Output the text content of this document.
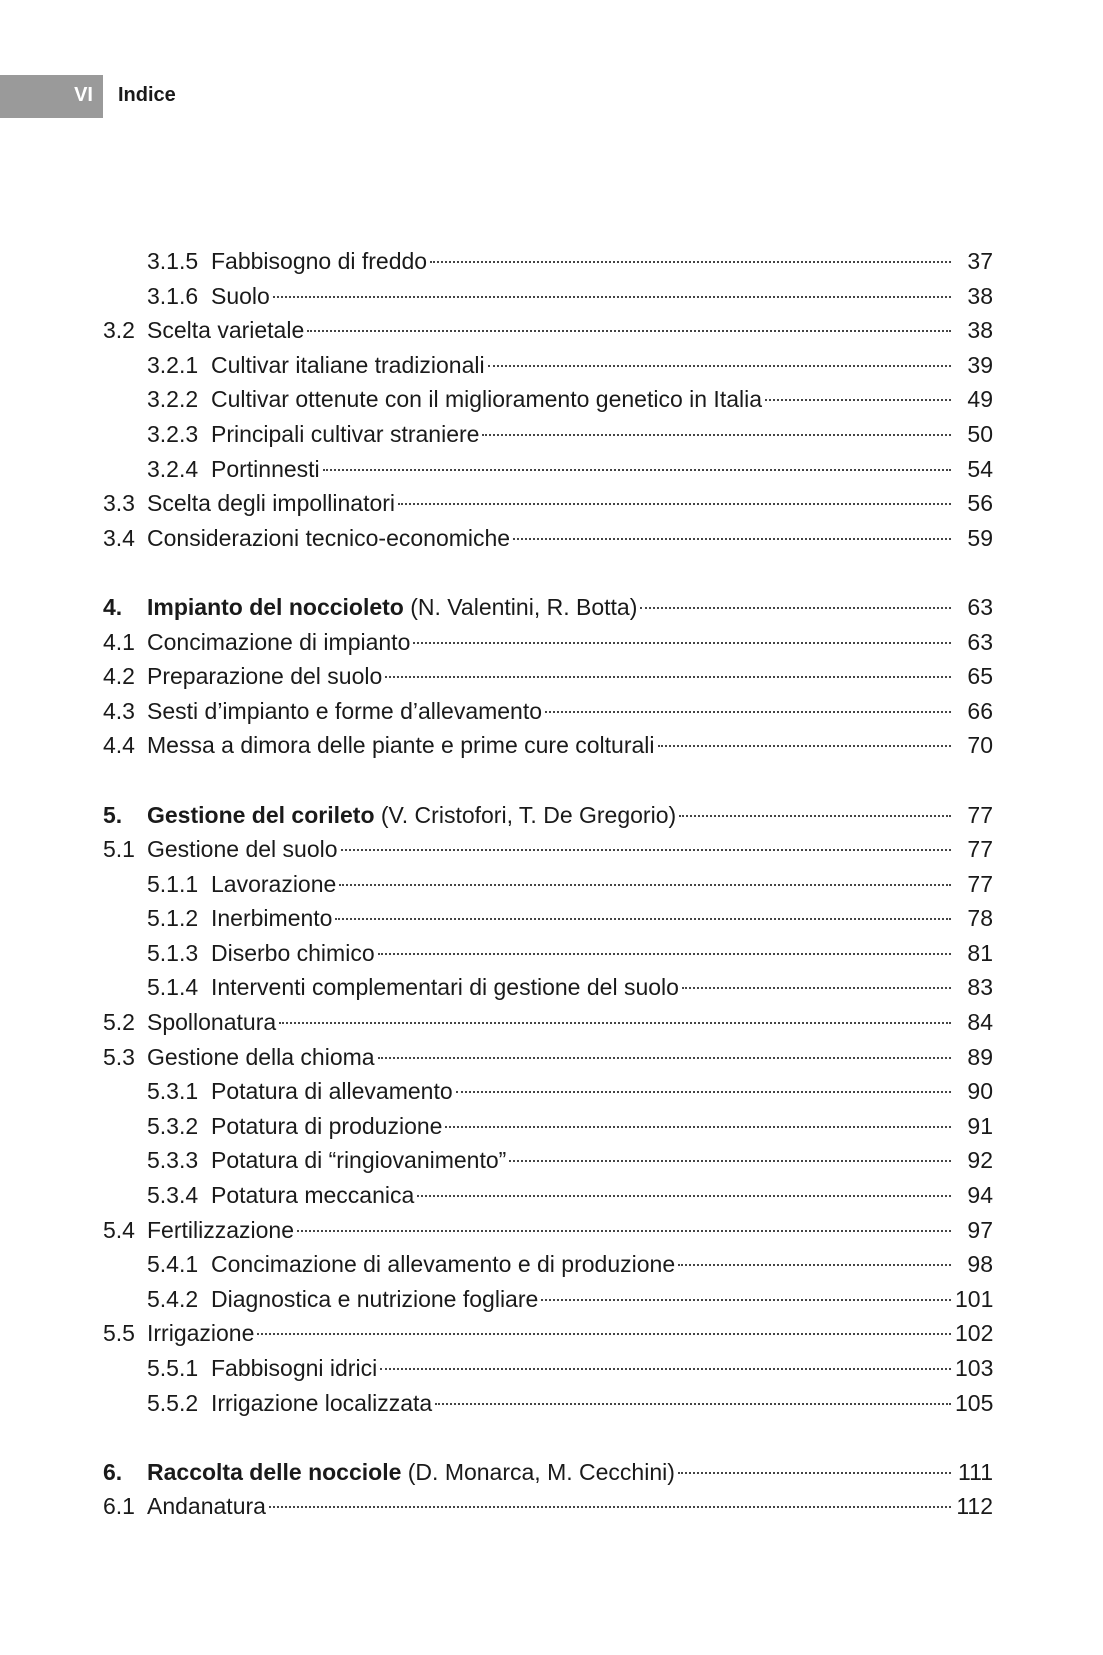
VI Indice
3.1.5 Fabbisogno di freddo	37
3.1.6 Suolo	38
3.2 Scelta varietale	38
3.2.1 Cultivar italiane tradizionali	39
3.2.2 Cultivar ottenute con il miglioramento genetico in Italia	49
3.2.3 Principali cultivar straniere	50
3.2.4 Portinnesti	54
3.3 Scelta degli impollinatori	56
3.4 Considerazioni tecnico-economiche	59
4.	Impianto del noccioleto (N. Valentini, R. Botta)	63
4.1 Concimazione di impianto	63
4.2 Preparazione del suolo	65
4.3 Sesti d’impianto e forme d’allevamento	66
4.4 Messa a dimora delle piante e prime cure colturali	70
5.	Gestione del corileto (V. Cristofori, T. De Gregorio)	77
5.1 Gestione del suolo	77
5.1.1 Lavorazione	77
5.1.2 Inerbimento	78
5.1.3 Diserbo chimico	81
5.1.4 Interventi complementari di gestione del suolo	83
5.2 Spollonatura	84
5.3 Gestione della chioma	89
5.3.1 Potatura di allevamento	90
5.3.2 Potatura di produzione	91
5.3.3 Potatura di “ringiovanimento”	92
5.3.4 Potatura meccanica	94
5.4 Fertilizzazione	97
5.4.1 Concimazione di allevamento e di produzione	98
5.4.2 Diagnostica e nutrizione fogliare	101
5.5 Irrigazione	102
5.5.1 Fabbisogni idrici	103
5.5.2 Irrigazione localizzata	105
6.	Raccolta delle nocciole (D. Monarca, M. Cecchini)	111
6.1 Andanatura	112
